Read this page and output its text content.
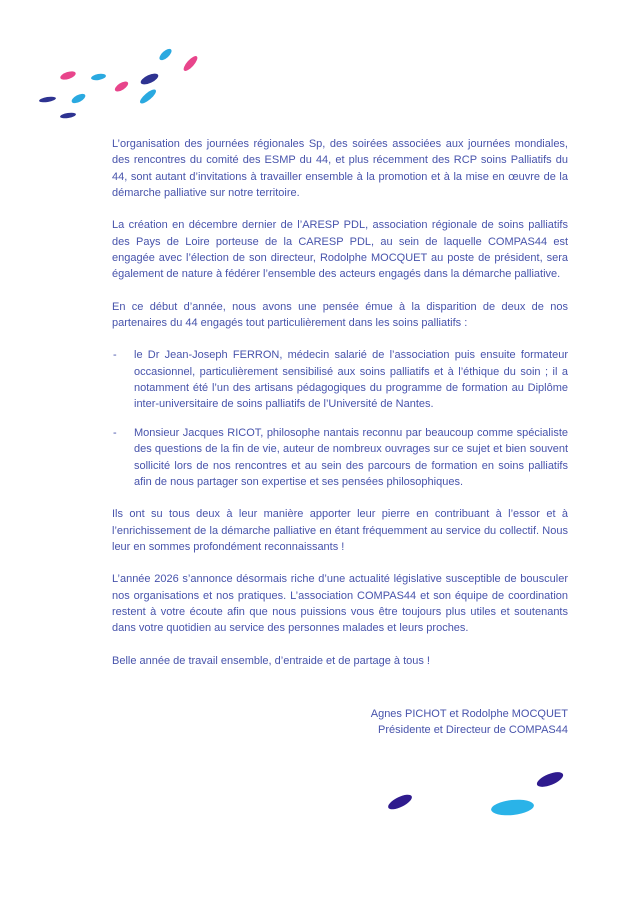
L’organisation des journées régionales Sp, des soirées associées aux journées mondiales, des rencontres du comité des ESMP du 44, et plus récemment des RCP soins Palliatifs du 44, sont autant d’invitations à travailler ensemble à la promotion et à la mise en œuvre de la démarche palliative sur notre territoire.

La création en décembre dernier de l’ARESP PDL, association régionale de soins palliatifs des Pays de Loire porteuse de la CARESP PDL, au sein de laquelle COMPAS44 est engagée avec l’élection de son directeur, Rodolphe MOCQUET au poste de président, sera également de nature à fédérer l’ensemble des acteurs engagés dans la démarche palliative.

En ce début d’année, nous avons une pensée émue à la disparition de deux de nos partenaires du 44 engagés tout particulièrement dans les soins palliatifs :

- le Dr Jean-Joseph FERRON, médecin salarié de l’association puis ensuite formateur occasionnel, particulièrement sensibilisé aux soins palliatifs et à l’éthique du soin ; il a notamment été l’un des artisans pédagogiques du programme de formation au Diplôme inter-universitaire de soins palliatifs de l’Université de Nantes.
- Monsieur Jacques RICOT, philosophe nantais reconnu par beaucoup comme spécialiste des questions de la fin de vie, auteur de nombreux ouvrages sur ce sujet et bien souvent sollicité lors de nos rencontres et au sein des parcours de formation en soins palliatifs afin de nous partager son expertise et ses pensées philosophiques.

Ils ont su tous deux à leur manière apporter leur pierre en contribuant à l’essor et à l’enrichissement de la démarche palliative en étant fréquemment au service du collectif. Nous leur en sommes profondément reconnaissants !

L’année 2026 s’annonce désormais riche d’une actualité législative susceptible de bousculer nos organisations et nos pratiques. L’association COMPAS44 et son équipe de coordination restent à votre écoute afin que nous puissions vous être toujours plus utiles et soutenants dans votre quotidien au service des personnes malades et leurs proches.

Belle année de travail ensemble, d’entraide et de partage à tous !

Agnes PICHOT et Rodolphe MOCQUET
Présidente et Directeur de COMPAS44
